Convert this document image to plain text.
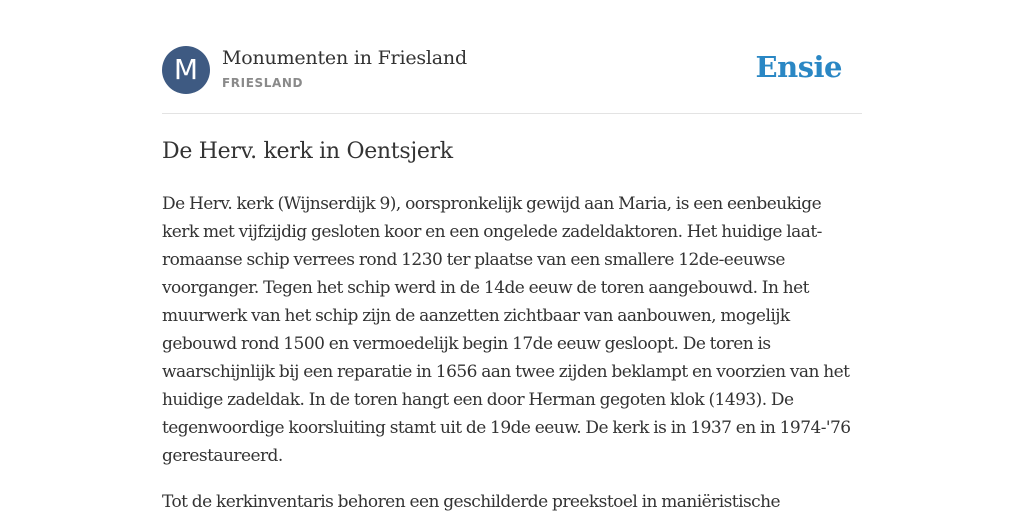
M	Monumenten in Friesland
FRIESLAND	Ensie
De Herv. kerk in Oentsjerk

De Herv. kerk (Wijnserdijk 9), oorspronkelijk gewijd aan Maria, is een eenbeukige kerk met vijfzijdig gesloten koor en een ongelede zadeldaktoren. Het huidige laat-romaanse schip verrees rond 1230 ter plaatse van een smallere 12de-eeuwse voorganger. Tegen het schip werd in de 14de eeuw de toren aangebouwd. In het muurwerk van het schip zijn de aanzetten zichtbaar van aanbouwen, mogelijk gebouwd rond 1500 en vermoedelijk begin 17de eeuw gesloopt. De toren is waarschijnlijk bij een reparatie in 1656 aan twee zijden beklampt en voorzien van het huidige zadeldak. In de toren hangt een door Herman gegoten klok (1493). De tegenwoordige koorsluiting stamt uit de 19de eeuw. De kerk is in 1937 en in 1974-'76 gerestaureerd.

Tot de kerkinventaris behoren een geschilderde preekstoel in maniëristische
